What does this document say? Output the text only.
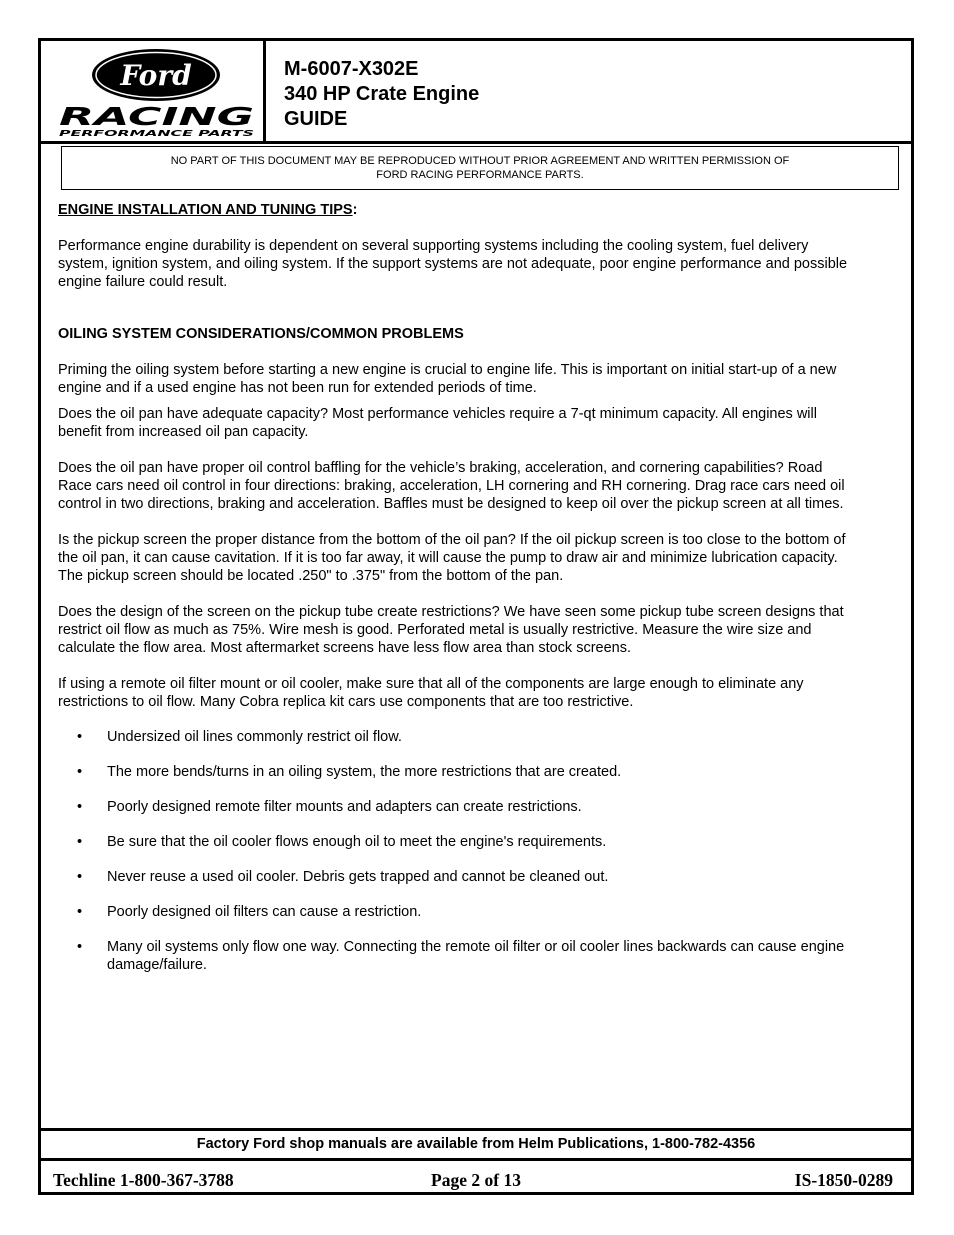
Ford
RACING
PERFORMANCE PARTS
M-6007-X302E
340 HP Crate Engine
GUIDE
NO PART OF THIS DOCUMENT MAY BE REPRODUCED WITHOUT PRIOR AGREEMENT AND WRITTEN PERMISSION OF
FORD RACING PERFORMANCE PARTS.

ENGINE INSTALLATION AND TUNING TIPS:

Performance engine durability is dependent on several supporting systems including the cooling system, fuel delivery system, ignition system, and oiling system. If the support systems are not adequate, poor engine performance and possible engine failure could result.

OILING SYSTEM CONSIDERATIONS/COMMON PROBLEMS

Priming the oiling system before starting a new engine is crucial to engine life. This is important on initial start-up of a new engine and if a used engine has not been run for extended periods of time.

Does the oil pan have adequate capacity? Most performance vehicles require a 7-qt minimum capacity. All engines will benefit from increased oil pan capacity.

Does the oil pan have proper oil control baffling for the vehicle’s braking, acceleration, and cornering capabilities? Road Race cars need oil control in four directions: braking, acceleration, LH cornering and RH cornering. Drag race cars need oil control in two directions, braking and acceleration. Baffles must be designed to keep oil over the pickup screen at all times.

Is the pickup screen the proper distance from the bottom of the oil pan? If the oil pickup screen is too close to the bottom of the oil pan, it can cause cavitation. If it is too far away, it will cause the pump to draw air and minimize lubrication capacity. The pickup screen should be located .250" to .375" from the bottom of the pan.

Does the design of the screen on the pickup tube create restrictions? We have seen some pickup tube screen designs that restrict oil flow as much as 75%. Wire mesh is good. Perforated metal is usually restrictive. Measure the wire size and calculate the flow area. Most aftermarket screens have less flow area than stock screens.

If using a remote oil filter mount or oil cooler, make sure that all of the components are large enough to eliminate any restrictions to oil flow. Many Cobra replica kit cars use components that are too restrictive.

• Undersized oil lines commonly restrict oil flow.
• The more bends/turns in an oiling system, the more restrictions that are created.
• Poorly designed remote filter mounts and adapters can create restrictions.
• Be sure that the oil cooler flows enough oil to meet the engine's requirements.
• Never reuse a used oil cooler. Debris gets trapped and cannot be cleaned out.
• Poorly designed oil filters can cause a restriction.
• Many oil systems only flow one way. Connecting the remote oil filter or oil cooler lines backwards can cause engine damage/failure.
Factory Ford shop manuals are available from Helm Publications, 1-800-782-4356
Techline 1-800-367-3788	Page 2 of 13	IS-1850-0289
